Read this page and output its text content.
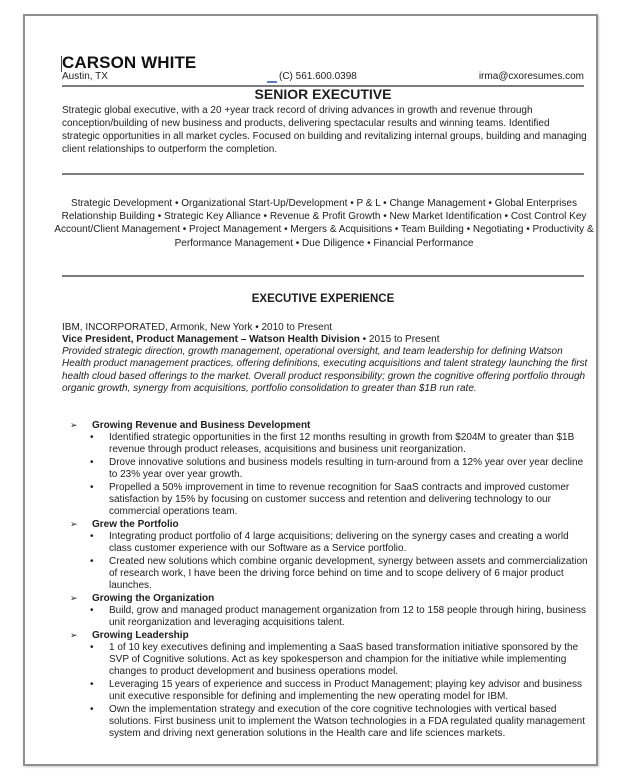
CARSON WHITE
Austin, TX	(C) 561.600.0398	irma@cxoresumes.com
SENIOR EXECUTIVE
Strategic global executive, with a 20 +year track record of driving advances in growth and revenue through conception/building of new business and products, delivering spectacular results and winning teams. Identified strategic opportunities in all market cycles. Focused on building and revitalizing internal groups, building and managing client relationships to outperform the completion.
Strategic Development • Organizational Start-Up/Development • P & L • Change Management • Global Enterprises Relationship Building • Strategic Key Alliance • Revenue & Profit Growth • New Market Identification • Cost Control Key Account/Client Management • Project Management • Mergers & Acquisitions • Team Building • Negotiating • Productivity & Performance Management • Due Diligence • Financial Performance
EXECUTIVE EXPERIENCE
IBM, INCORPORATED, Armonk, New York • 2010 to Present
Vice President, Product Management – Watson Health Division • 2015 to Present
Provided strategic direction, growth management, operational oversight, and team leadership for defining Watson Health product management practices, offering definitions, executing acquisitions and talent strategy launching the first health cloud based offerings to the market. Overall product responsibility; grown the cognitive offering portfolio through organic growth, synergy from acquisitions, portfolio consolidation to greater than $1B run rate.
➢ Growing Revenue and Business Development
• Identified strategic opportunities in the first 12 months resulting in growth from $204M to greater than $1B revenue through product releases, acquisitions and business unit reorganization.
• Drove innovative solutions and business models resulting in turn-around from a 12% year over year decline to 23% year over year growth.
• Propelled a 50% improvement in time to revenue recognition for SaaS contracts and improved customer satisfaction by 15% by focusing on customer success and retention and delivering technology to our commercial operations team.
➢ Grew the Portfolio
• Integrating product portfolio of 4 large acquisitions; delivering on the synergy cases and creating a world class customer experience with our Software as a Service portfolio.
• Created new solutions which combine organic development, synergy between assets and commercialization of research work, I have been the driving force behind on time and to scope delivery of 6 major product launches.
➢ Growing the Organization
• Build, grow and managed product management organization from 12 to 158 people through hiring, business unit reorganization and leveraging acquisitions talent.
➢ Growing Leadership
• 1 of 10 key executives defining and implementing a SaaS based transformation initiative sponsored by the SVP of Cognitive solutions. Act as key spokesperson and champion for the initiative while implementing changes to product development and business operations model.
• Leveraging 15 years of experience and success in Product Management; playing key advisor and business unit executive responsible for defining and implementing the new operating model for IBM.
• Own the implementation strategy and execution of the core cognitive technologies with vertical based solutions. First business unit to implement the Watson technologies in a FDA regulated quality management system and driving next generation solutions in the Health care and life sciences markets.
